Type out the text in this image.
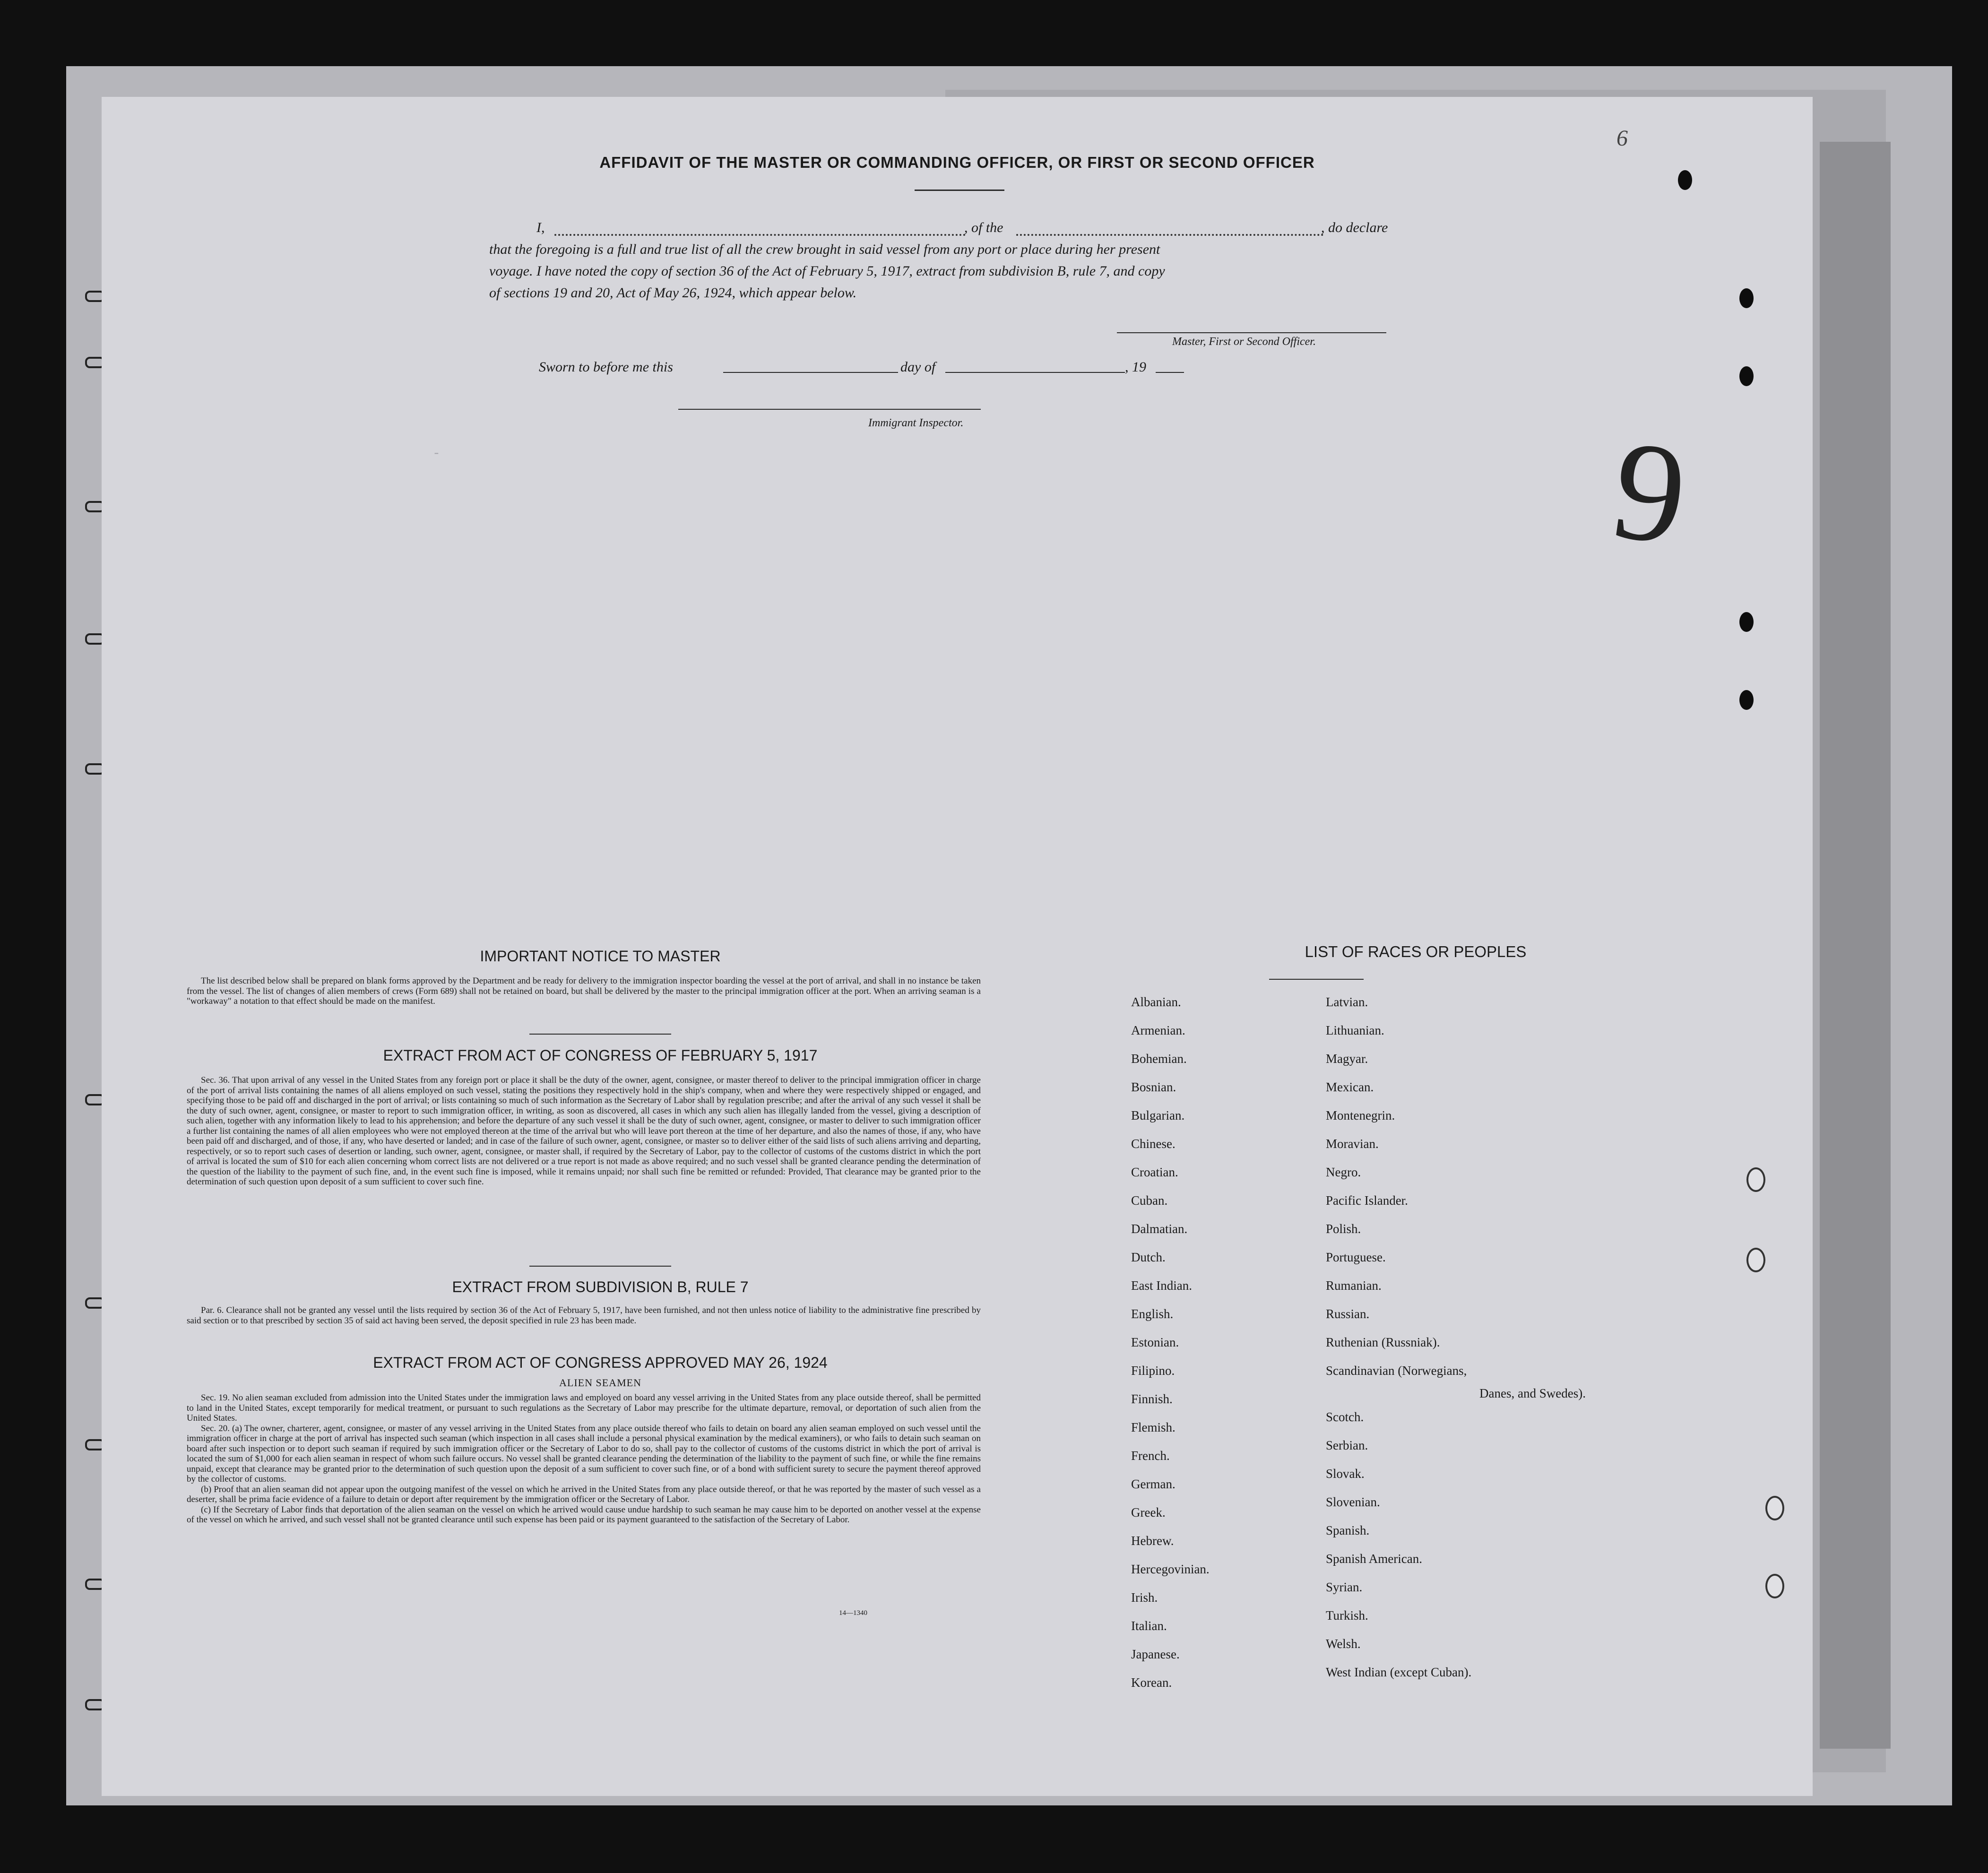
-
AFFIDAVIT OF THE MASTER OR COMMANDING OFFICER, OR FIRST OR SECOND OFFICER
I,	, of the	, do declare
that the foregoing is a full and true list of all the crew brought in said vessel from any port or place during her present
voyage. I have noted the copy of section 36 of the Act of February 5, 1917, extract from subdivision B, rule 7, and copy
of sections 19 and 20, Act of May 26, 1924, which appear below.
Master, First or Second Officer.
Sworn to before me this	day of	, 19
Immigrant Inspector.
IMPORTANT NOTICE TO MASTER
The list described below shall be prepared on blank forms approved by the Department and be ready for delivery to the immigration inspector boarding the vessel at the port of arrival, and shall in no instance be taken from the vessel. The list of changes of alien members of crews (Form 689) shall not be retained on board, but shall be delivered by the master to the principal immigration officer at the port. When an arriving seaman is a "workaway" a notation to that effect should be made on the manifest.
EXTRACT FROM ACT OF CONGRESS OF FEBRUARY 5, 1917
Sec. 36. That upon arrival of any vessel in the United States from any foreign port or place it shall be the duty of the owner, agent, consignee, or master thereof to deliver to the principal immigration officer in charge of the port of arrival lists containing the names of all aliens employed on such vessel, stating the positions they respectively hold in the ship's company, when and where they were respectively shipped or engaged, and specifying those to be paid off and discharged in the port of arrival; or lists containing so much of such information as the Secretary of Labor shall by regulation prescribe; and after the arrival of any such vessel it shall be the duty of such owner, agent, consignee, or master to report to such immigration officer, in writing, as soon as discovered, all cases in which any such alien has illegally landed from the vessel, giving a description of such alien, together with any information likely to lead to his apprehension; and before the departure of any such vessel it shall be the duty of such owner, agent, consignee, or master to deliver to such immigration officer a further list containing the names of all alien employees who were not employed thereon at the time of the arrival but who will leave port thereon at the time of her departure, and also the names of those, if any, who have been paid off and discharged, and of those, if any, who have deserted or landed; and in case of the failure of such owner, agent, consignee, or master so to deliver either of the said lists of such aliens arriving and departing, respectively, or so to report such cases of desertion or landing, such owner, agent, consignee, or master shall, if required by the Secretary of Labor, pay to the collector of customs of the customs district in which the port of arrival is located the sum of $10 for each alien concerning whom correct lists are not delivered or a true report is not made as above required; and no such vessel shall be granted clearance pending the determination of the question of the liability to the payment of such fine, and, in the event such fine is imposed, while it remains unpaid; nor shall such fine be remitted or refunded: Provided, That clearance may be granted prior to the determination of such question upon deposit of a sum sufficient to cover such fine.
EXTRACT FROM SUBDIVISION B, RULE 7
Par. 6. Clearance shall not be granted any vessel until the lists required by section 36 of the Act of February 5, 1917, have been furnished, and not then unless notice of liability to the administrative fine prescribed by said section or to that prescribed by section 35 of said act having been served, the deposit specified in rule 23 has been made.
EXTRACT FROM ACT OF CONGRESS APPROVED MAY 26, 1924
ALIEN SEAMEN
Sec. 19. No alien seaman excluded from admission into the United States under the immigration laws and employed on board any vessel arriving in the United States from any place outside thereof, shall be permitted to land in the United States, except temporarily for medical treatment, or pursuant to such regulations as the Secretary of Labor may prescribe for the ultimate departure, removal, or deportation of such alien from the United States.
Sec. 20. (a) The owner, charterer, agent, consignee, or master of any vessel arriving in the United States from any place outside thereof who fails to detain on board any alien seaman employed on such vessel until the immigration officer in charge at the port of arrival has inspected such seaman (which inspection in all cases shall include a personal physical examination by the medical examiners), or who fails to detain such seaman on board after such inspection or to deport such seaman if required by such immigration officer or the Secretary of Labor to do so, shall pay to the collector of customs of the customs district in which the port of arrival is located the sum of $1,000 for each alien seaman in respect of whom such failure occurs. No vessel shall be granted clearance pending the determination of the liability to the payment of such fine, or while the fine remains unpaid, except that clearance may be granted prior to the determination of such question upon the deposit of a sum sufficient to cover such fine, or of a bond with sufficient surety to secure the payment thereof approved by the collector of customs.
(b) Proof that an alien seaman did not appear upon the outgoing manifest of the vessel on which he arrived in the United States from any place outside thereof, or that he was reported by the master of such vessel as a deserter, shall be prima facie evidence of a failure to detain or deport after requirement by the immigration officer or the Secretary of Labor.
(c) If the Secretary of Labor finds that deportation of the alien seaman on the vessel on which he arrived would cause undue hardship to such seaman he may cause him to be deported on another vessel at the expense of the vessel on which he arrived, and such vessel shall not be granted clearance until such expense has been paid or its payment guaranteed to the satisfaction of the Secretary of Labor.
14—1340
LIST OF RACES OR PEOPLES
Danes, and Swedes).
9
6
Albanian.
Armenian.
Bohemian.
Bosnian.
Bulgarian.
Chinese.
Croatian.
Cuban.
Dalmatian.
Dutch.
East Indian.
English.
Estonian.
Filipino.
Finnish.
Flemish.
French.
German.
Greek.
Hebrew.
Hercegovinian.
Irish.
Italian.
Japanese.
Korean.
Latvian.
Lithuanian.
Magyar.
Mexican.
Montenegrin.
Moravian.
Negro.
Pacific Islander.
Polish.
Portuguese.
Rumanian.
Russian.
Ruthenian (Russniak).
Scandinavian (Norwegians,
Scotch.
Serbian.
Slovak.
Slovenian.
Spanish.
Spanish American.
Syrian.
Turkish.
Welsh.
West Indian (except Cuban).
